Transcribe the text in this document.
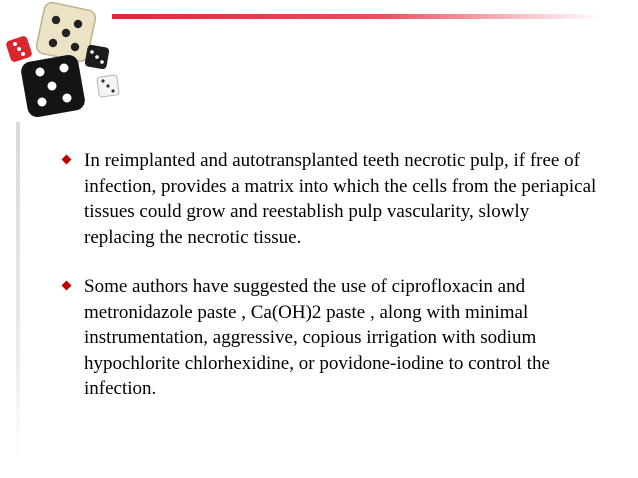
In reimplanted and autotransplanted teeth necrotic pulp, if free of infection, provides a matrix into which the cells from the periapical tissues could grow and reestablish pulp vascularity, slowly replacing the necrotic tissue.
Some authors have suggested the use of ciprofloxacin and metronidazole paste , Ca(OH)2 paste , along with minimal instrumentation, aggressive, copious irrigation with sodium hypochlorite chlorhexidine, or povidone-iodine to control the infection.
